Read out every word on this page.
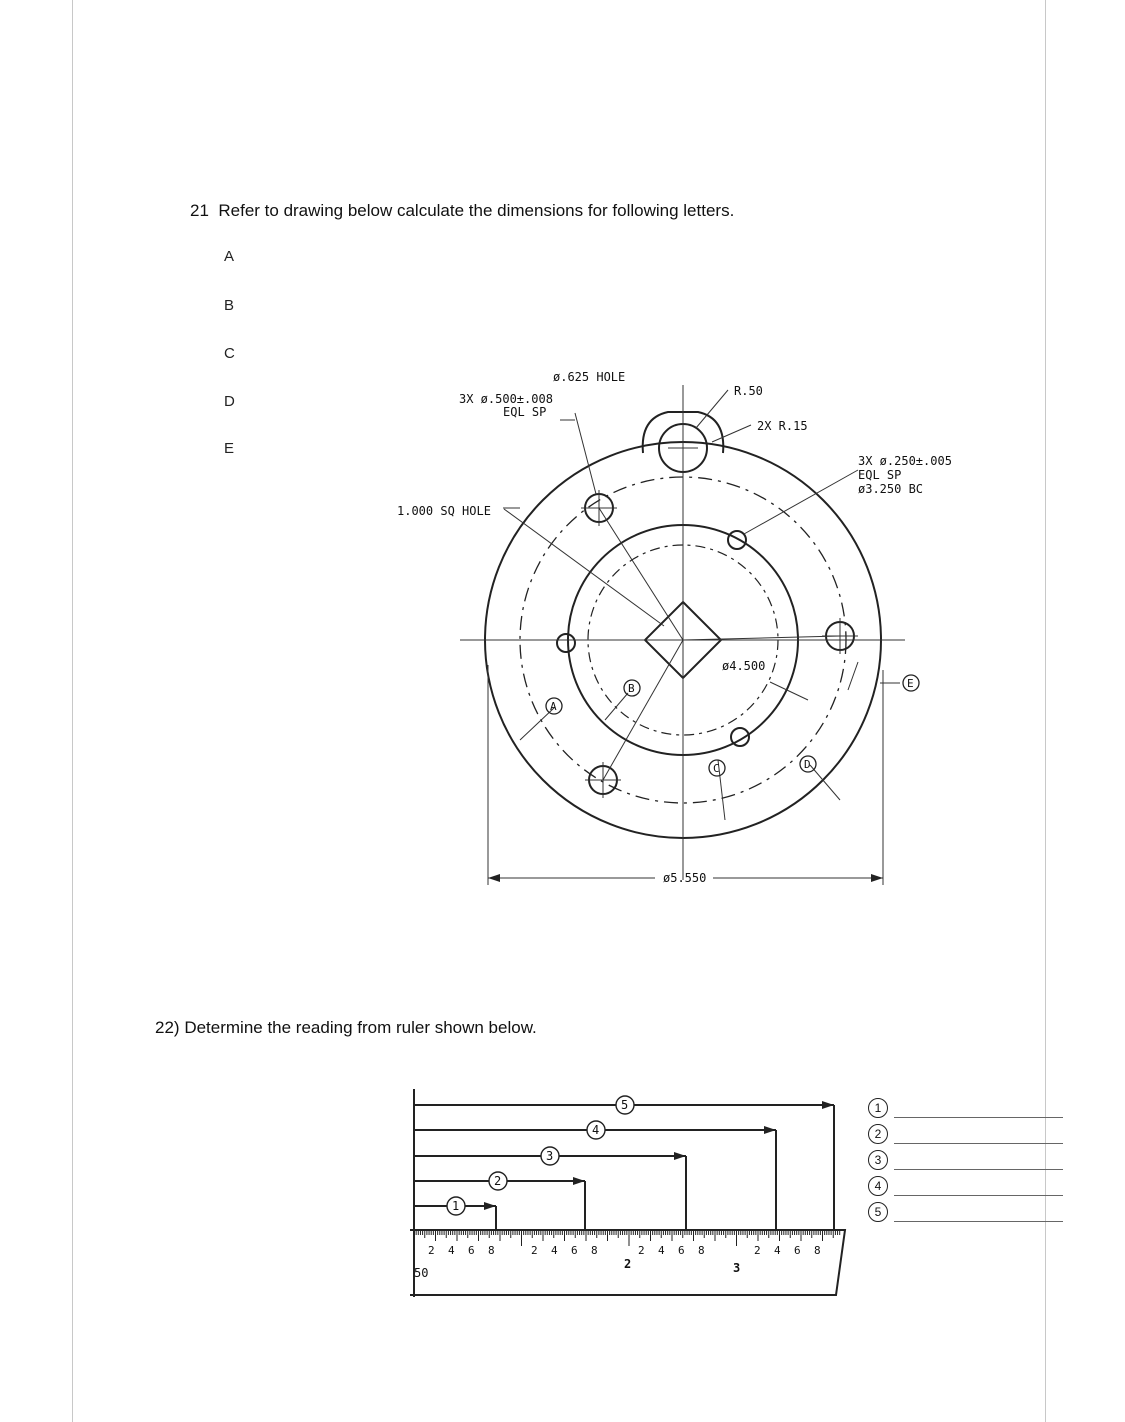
21 Refer to drawing below calculate the dimensions for following letters.
A
B
C
D
E
ø.625 HOLE
3X ø.500±.008
EQL SP
R.50
2X R.15
3X ø.250±.005
EQL SP
ø3.250 BC
1.000 SQ HOLE
ø4.500
ø5.550
A
B
C	D
E
22) Determine the reading from ruler shown below.
2 4 6 8	2 4 6 8	2 4 6 8	2 4 6 8
2	3
50
1
2
3
4
5	1
2
3
4
5
